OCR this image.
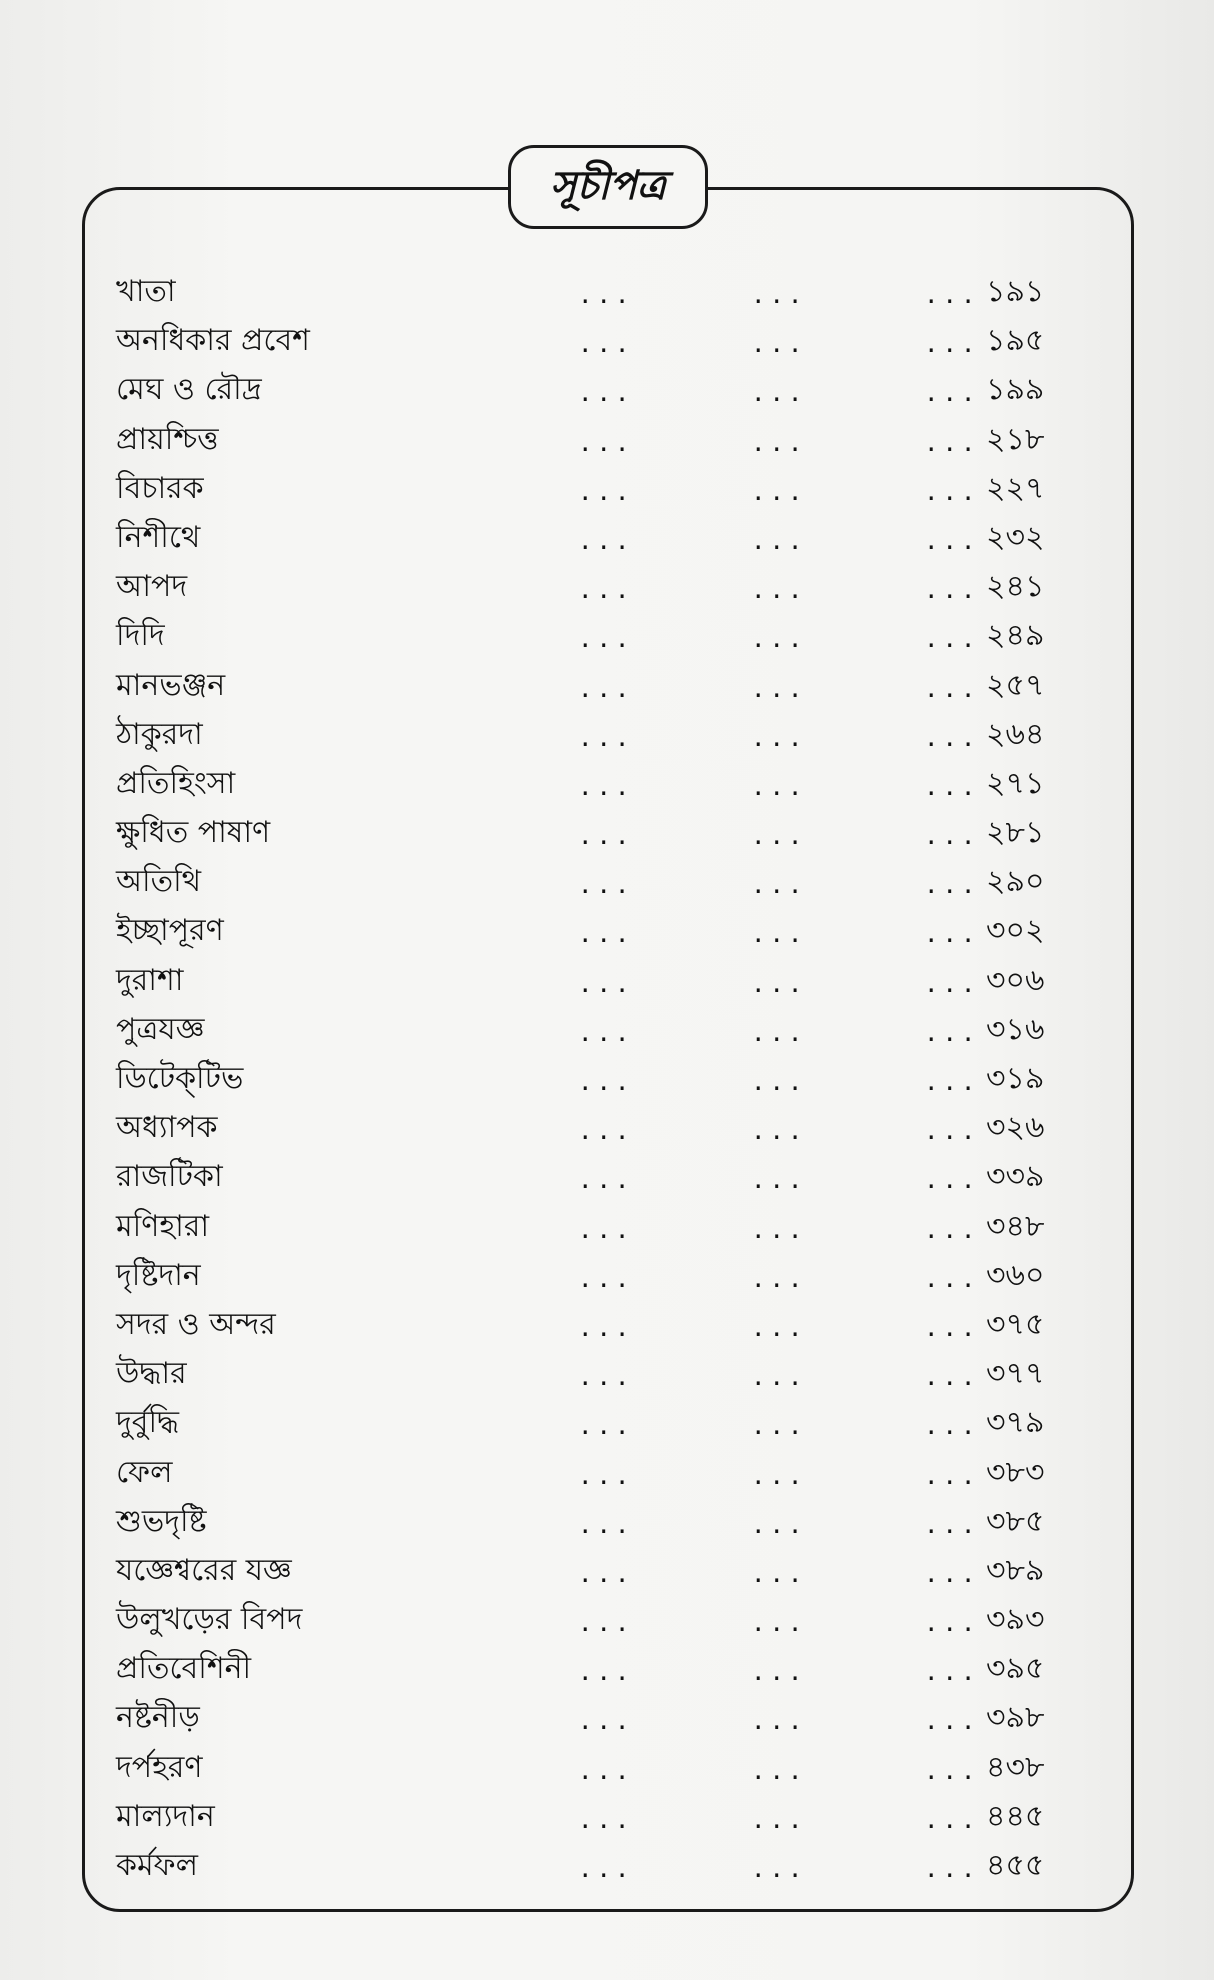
সূচীপত্র
খাতা	...	...	... ১৯১
অনধিকার প্রবেশ	...	...	... ১৯৫
মেঘ ও রৌদ্র	...	...	... ১৯৯
প্রায়শ্চিত্ত	...	...	... ২১৮
বিচারক	...	...	... ২২৭
নিশীথে	...	...	... ২৩২
আপদ	...	...	... ২৪১
দিদি	...	...	... ২৪৯
মানভঞ্জন	...	...	... ২৫৭
ঠাকুরদা	...	...	... ২৬৪
প্রতিহিংসা	...	...	... ২৭১
ক্ষুধিত পাষাণ	...	...	... ২৮১
অতিথি	...	...	... ২৯০
ইচ্ছাপূরণ	...	...	... ৩০২
দুরাশা	...	...	... ৩০৬
পুত্রযজ্ঞ	...	...	... ৩১৬
ডিটেক্‌টিভ	...	...	... ৩১৯
অধ্যাপক	...	...	... ৩২৬
রাজটিকা	...	...	... ৩৩৯
মণিহারা	...	...	... ৩৪৮
দৃষ্টিদান	...	...	... ৩৬০
সদর ও অন্দর	...	...	... ৩৭৫
উদ্ধার	...	...	... ৩৭৭
দুর্বুদ্ধি	...	...	... ৩৭৯
ফেল	...	...	... ৩৮৩
শুভদৃষ্টি	...	...	... ৩৮৫
যজ্ঞেশ্বরের যজ্ঞ	...	...	... ৩৮৯
উলুখড়ের বিপদ	...	...	... ৩৯৩
প্রতিবেশিনী	...	...	... ৩৯৫
নষ্টনীড়	...	...	... ৩৯৮
দর্পহরণ	...	...	... ৪৩৮
মাল্যদান	...	...	... ৪৪৫
কর্মফল	...	...	... ৪৫৫
